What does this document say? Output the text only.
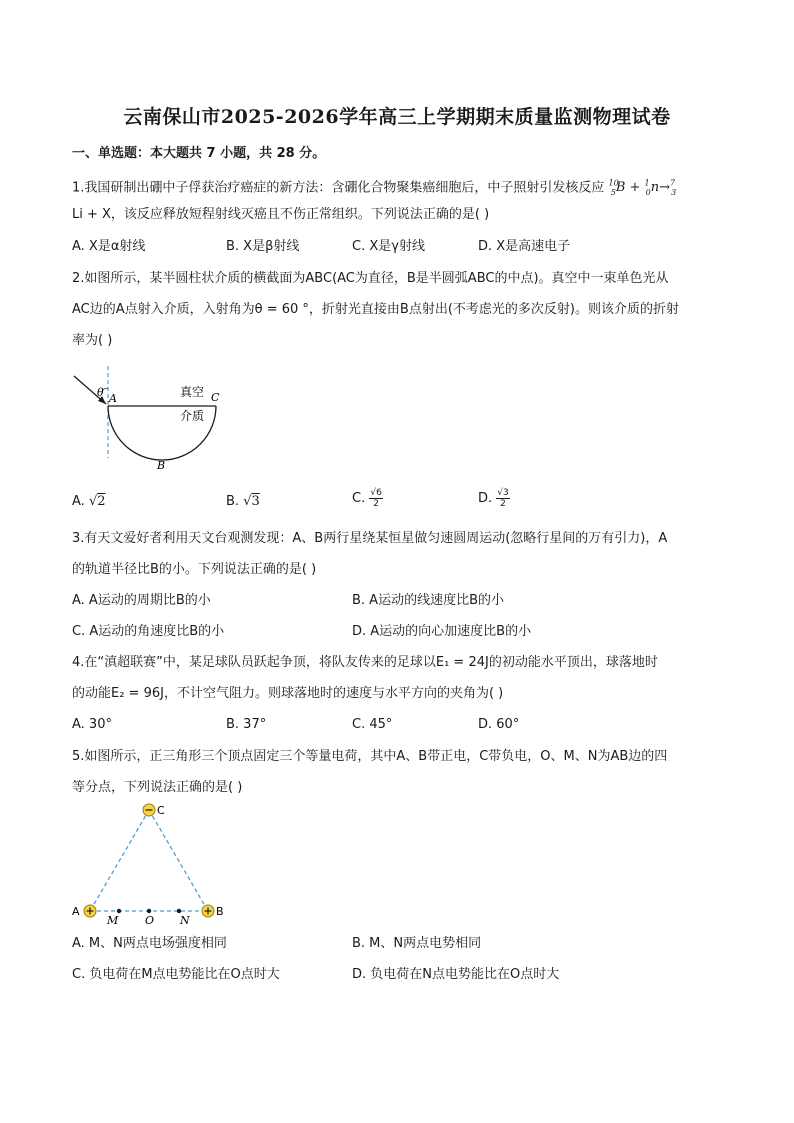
云南保山市2025-2026学年高三上学期期末质量监测物理试卷
一、单选题：本大题共 7 小题，共 28 分。
1.我国研制出硼中子俘获治疗癌症的新方法：含硼化合物聚集癌细胞后，中子照射引发核反应 $^{10}_5$B + $^1_0$n→$^7_3$
Li + X，该反应释放短程射线灭癌且不伤正常组织。下列说法正确的是( )
A. X是α射线	B. X是β射线	C. X是γ射线	D. X是高速电子
2.如图所示，某半圆柱状介质的横截面为ABC(AC为直径，B是半圆弧ABC的中点)。真空中一束单色光从
AC边的A点射入介质，入射角为θ = 60 °，折射光直接由B点射出(不考虑光的多次反射)。则该介质的折射
率为( )
θ A	C
B
真空
介质
A. √2	B. √3	C. $\frac{√6}{2}$	D. $\frac{√3}{2}$
3.有天文爱好者利用天文台观测发现：A、B两行星绕某恒星做匀速圆周运动(忽略行星间的万有引力)，A
的轨道半径比B的小。下列说法正确的是( )
A. A运动的周期比B的小	B. A运动的线速度比B的小
C. A运动的角速度比B的小	D. A运动的向心加速度比B的小
4.在“滇超联赛”中，某足球队员跃起争顶，将队友传来的足球以E₁ = 24J的初动能水平顶出，球落地时
的动能E₂ = 96J，不计空气阻力。则球落地时的速度与水平方向的夹角为( )
A. 30°	B. 37°	C. 45°	D. 60°
5.如图所示，正三角形三个顶点固定三个等量电荷，其中A、B带正电，C带负电，O、M、N为AB边的四
等分点，下列说法正确的是( )
C
A	B
M O N
A. M、N两点电场强度相同	B. M、N两点电势相同
C. 负电荷在M点电势能比在O点时大	D. 负电荷在N点电势能比在O点时大
